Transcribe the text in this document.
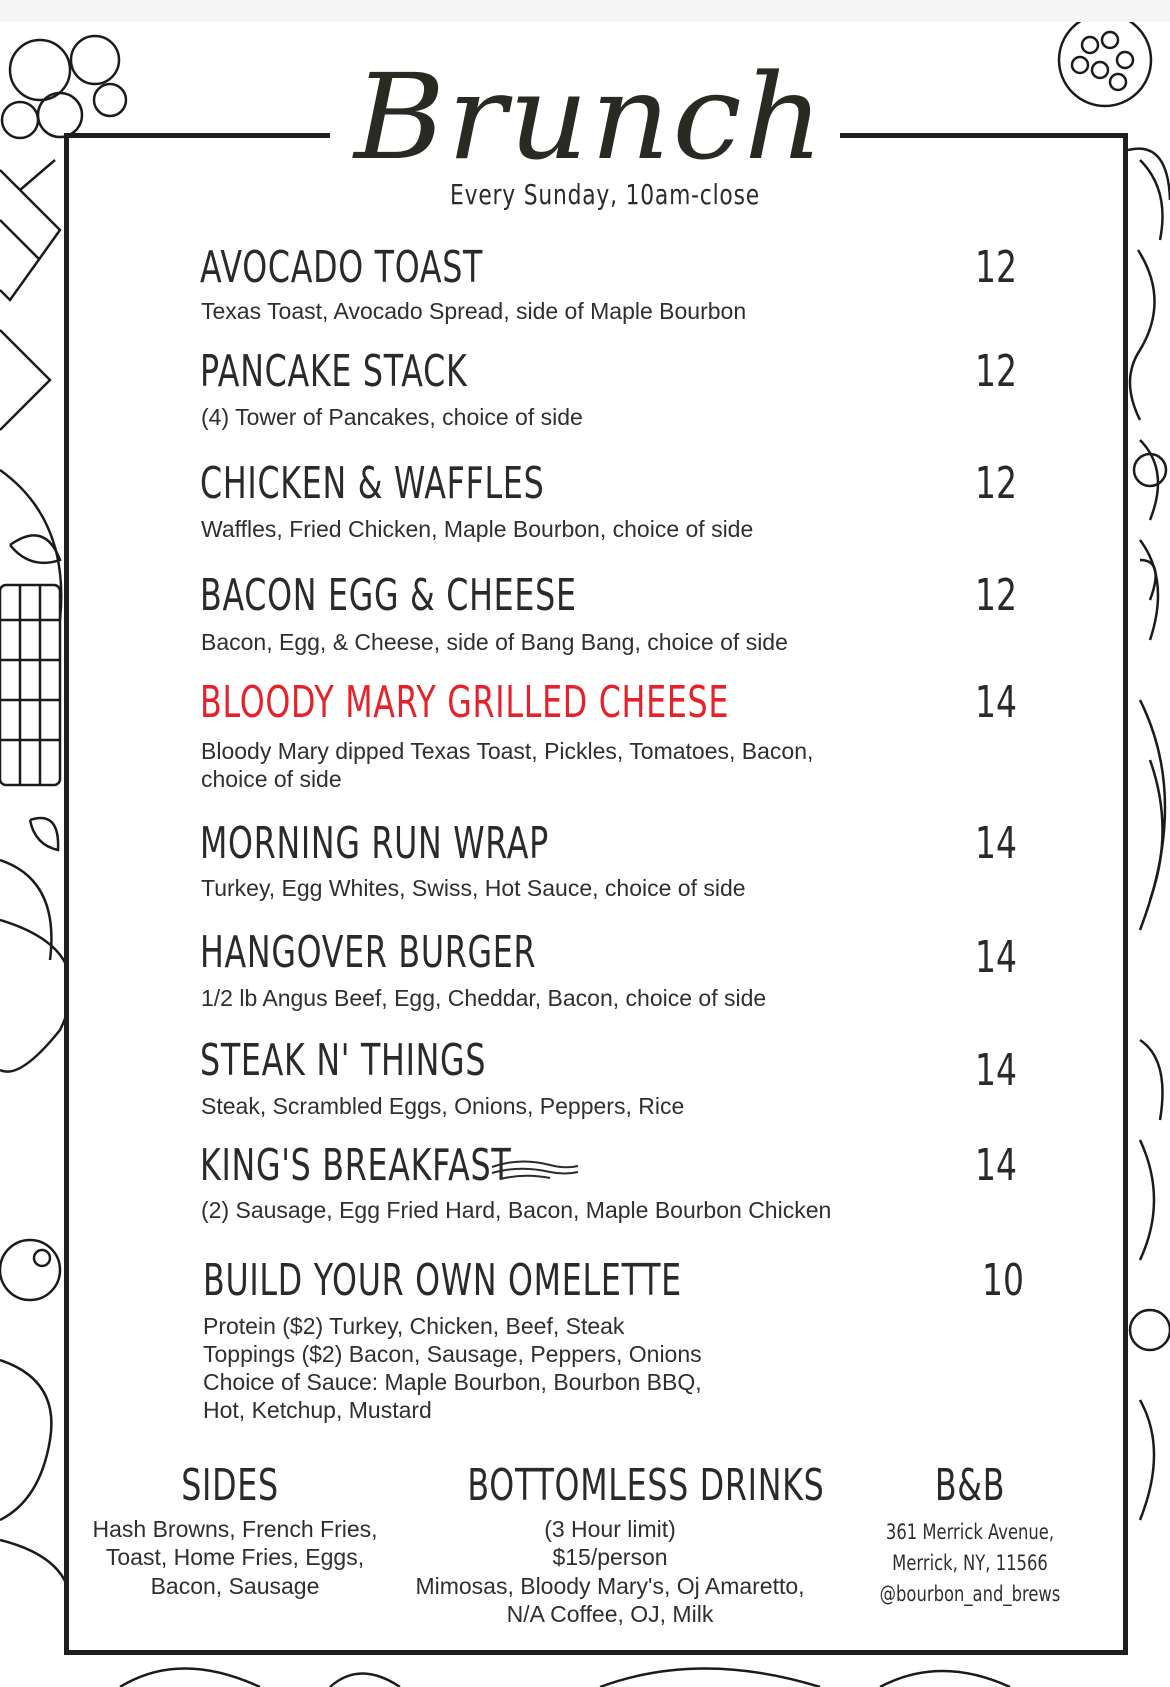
Brunch
Every Sunday, 10am-close
AVOCADO TOAST	12
Texas Toast, Avocado Spread, side of Maple Bourbon
PANCAKE STACK	12
(4) Tower of Pancakes, choice of side
CHICKEN & WAFFLES	12
Waffles, Fried Chicken, Maple Bourbon, choice of side
BACON EGG & CHEESE	12
Bacon, Egg, & Cheese, side of Bang Bang, choice of side
BLOODY MARY GRILLED CHEESE	14
Bloody Mary dipped Texas Toast, Pickles, Tomatoes, Bacon,
choice of side
MORNING RUN WRAP	14
Turkey, Egg Whites, Swiss, Hot Sauce, choice of side
HANGOVER BURGER	14
1/2 lb Angus Beef, Egg, Cheddar, Bacon, choice of side
STEAK N' THINGS	14
Steak, Scrambled Eggs, Onions, Peppers, Rice
KING'S BREAKFAST	14
(2) Sausage, Egg Fried Hard, Bacon, Maple Bourbon Chicken
BUILD YOUR OWN OMELETTE	10
Protein ($2) Turkey, Chicken, Beef, Steak
Toppings ($2) Bacon, Sausage, Peppers, Onions
Choice of Sauce: Maple Bourbon, Bourbon BBQ,
Hot, Ketchup, Mustard
SIDES
Hash Browns, French Fries,
Toast, Home Fries, Eggs,
Bacon, Sausage
BOTTOMLESS DRINKS
(3 Hour limit)
$15/person
Mimosas, Bloody Mary's, Oj Amaretto,
N/A Coffee, OJ, Milk
B&B
361 Merrick Avenue,
Merrick, NY, 11566
@bourbon_and_brews
